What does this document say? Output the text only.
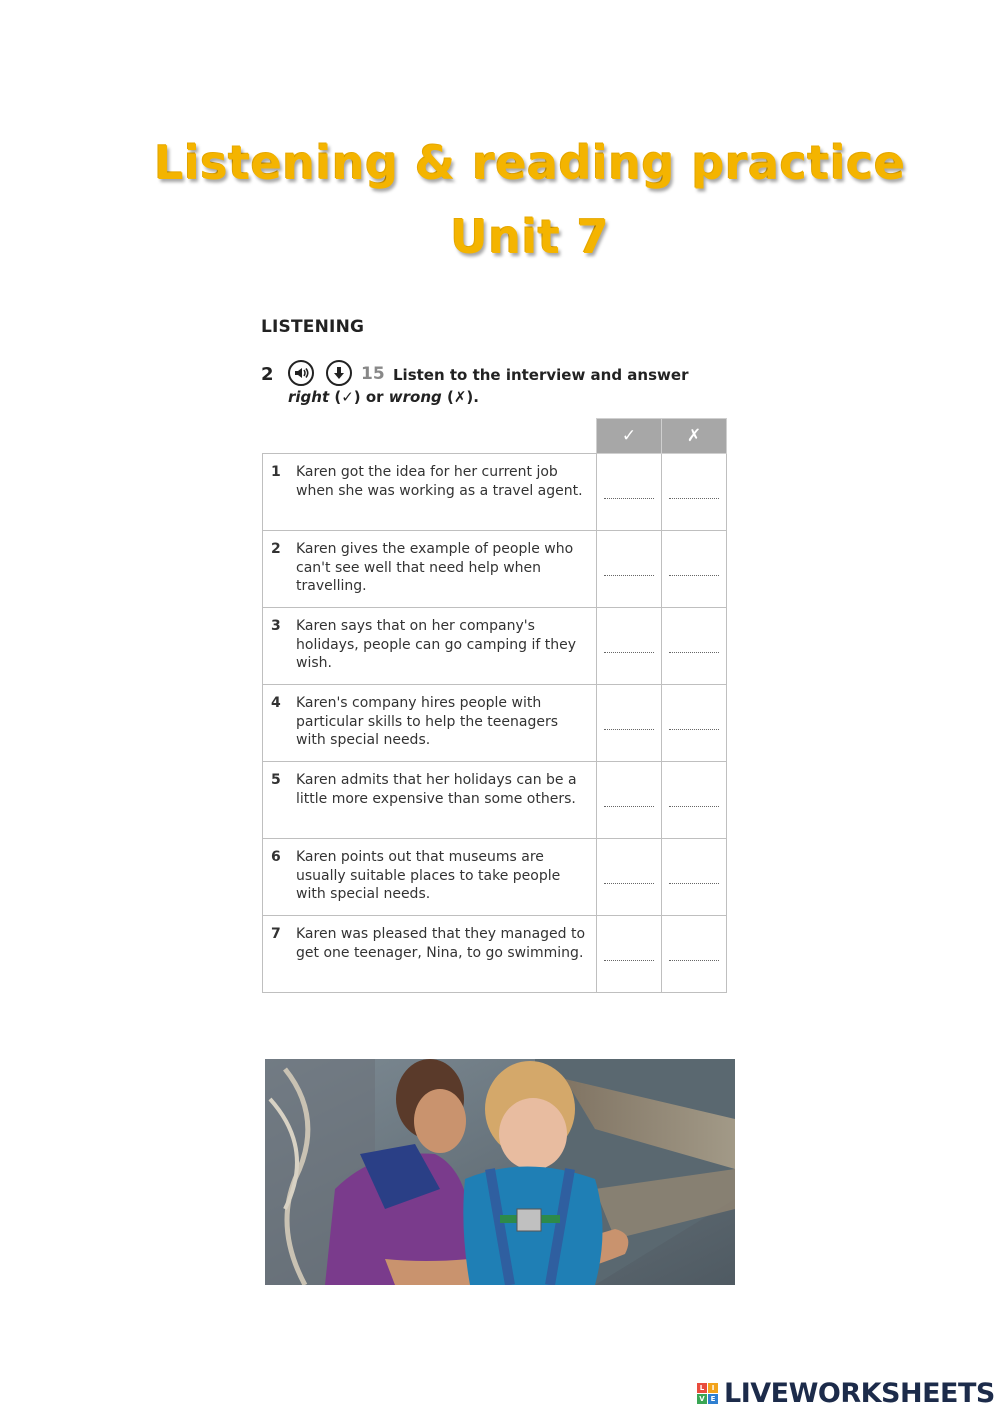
Listening & reading practice
Unit 7
LISTENING
2	15 Listen to the interview and answer
right (✓) or wrong (✗).
	✓	✗

1 Karen got the idea for her current job when she was working as a travel agent.		

2 Karen gives the example of people who can't see well that need help when travelling.		

3 Karen says that on her company's holidays, people can go camping if they wish.		

4 Karen's company hires people with particular skills to help the teenagers with special needs.		

5 Karen admits that her holidays can be a little more expensive than some others.		

6 Karen points out that museums are usually suitable places to take people with special needs.		

7 Karen was pleased that they managed to get one teenager, Nina, to go swimming.		

L	I
V E LIVEWORKSHEETS
